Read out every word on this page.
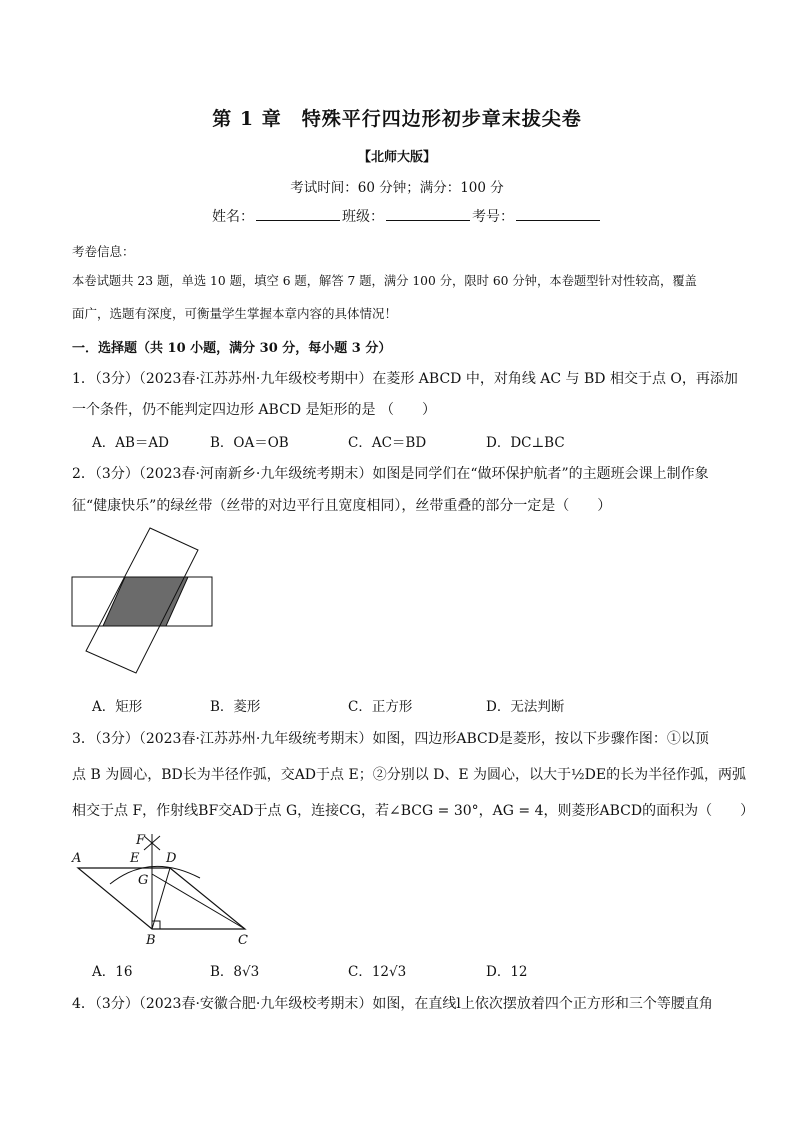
第 1 章　特殊平行四边形初步章末拔尖卷
【北师大版】
考试时间：60 分钟；满分：100 分
姓名：	班级：	考号：
考卷信息：
本卷试题共 23 题，单选 10 题，填空 6 题，解答 7 题，满分 100 分，限时 60 分钟，本卷题型针对性较高，覆盖
面广，选题有深度，可衡量学生掌握本章内容的具体情况！
一．选择题（共 10 小题，满分 30 分，每小题 3 分）
1．（3分）（2023春·江苏苏州·九年级校考期中）在菱形 ABCD 中，对角线 AC 与 BD 相交于点 O，再添加
一个条件，仍不能判定四边形 ABCD 是矩形的是 （　　）
A．AB＝AD	B．OA＝OB	C．AC＝BD	D．DC⊥BC
2．（3分）（2023春·河南新乡·九年级统考期末）如图是同学们在“做环保护航者”的主题班会课上制作象
征“健康快乐”的绿丝带（丝带的对边平行且宽度相同），丝带重叠的部分一定是（　　）
A．矩形	B．菱形	C．正方形	D．无法判断
3．（3分）（2023春·江苏苏州·九年级统考期末）如图，四边形ABCD是菱形，按以下步骤作图：①以顶
点 B 为圆心，BD长为半径作弧，交AD于点 E；②分别以 D、E 为圆心，以大于½DE的长为半径作弧，两弧
相交于点 F，作射线BF交AD于点 G，连接CG，若∠BCG = 30°，AG = 4，则菱形ABCD的面积为（　　）
F
A	E D
G
B	C
A．16	B．8√3	C．12√3	D．12
4．（3分）（2023春·安徽合肥·九年级校考期末）如图，在直线l上依次摆放着四个正方形和三个等腰直角
